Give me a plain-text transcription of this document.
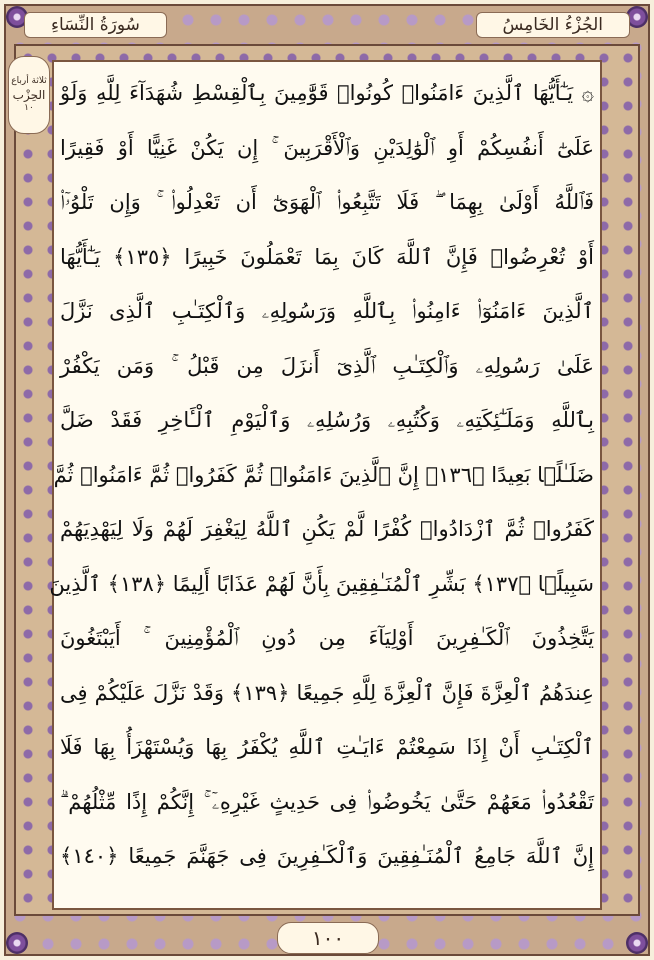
سُورَةُ النِّسَاءِ	الجُزْءُ الخَامِسُ
ثلاثة أرباع
الحِزْب
١٠
۞ يَـٰٓأَيُّهَا ٱلَّذِينَ ءَامَنُوا۟ كُونُوا۟ قَوَّٰمِينَ بِٱلْقِسْطِ شُهَدَآءَ لِلَّهِ وَلَوْ
عَلَىٰٓ أَنفُسِكُمْ أَوِ ٱلْوَٰلِدَيْنِ وَٱلْأَقْرَبِينَ ۚ إِن يَكُنْ غَنِيًّا أَوْ فَقِيرًا
فَٱللَّهُ أَوْلَىٰ بِهِمَا ۖ فَلَا تَتَّبِعُوا۟ ٱلْهَوَىٰٓ أَن تَعْدِلُوا۟ ۚ وَإِن تَلْوُۥٓا۟
أَوْ تُعْرِضُوا۟ فَإِنَّ ٱللَّهَ كَانَ بِمَا تَعْمَلُونَ خَبِيرًا ﴿١٣٥﴾ يَـٰٓأَيُّهَا
ٱلَّذِينَ ءَامَنُوٓا۟ ءَامِنُوا۟ بِٱللَّهِ وَرَسُولِهِۦ وَٱلْكِتَـٰبِ ٱلَّذِى نَزَّلَ
عَلَىٰ رَسُولِهِۦ وَٱلْكِتَـٰبِ ٱلَّذِىٓ أَنزَلَ مِن قَبْلُ ۚ وَمَن يَكْفُرْ
بِٱللَّهِ وَمَلَـٰٓئِكَتِهِۦ وَكُتُبِهِۦ وَرُسُلِهِۦ وَٱلْيَوْمِ ٱلْـَٔاخِرِ فَقَدْ ضَلَّ
ضَلَـٰلًۢا بَعِيدًا ﴿١٣٦﴾ إِنَّ ٱلَّذِينَ ءَامَنُوا۟ ثُمَّ كَفَرُوا۟ ثُمَّ ءَامَنُوا۟ ثُمَّ
كَفَرُوا۟ ثُمَّ ٱزْدَادُوا۟ كُفْرًا لَّمْ يَكُنِ ٱللَّهُ لِيَغْفِرَ لَهُمْ وَلَا لِيَهْدِيَهُمْ
سَبِيلًۢا ﴿١٣٧﴾ بَشِّرِ ٱلْمُنَـٰفِقِينَ بِأَنَّ لَهُمْ عَذَابًا أَلِيمًا ﴿١٣٨﴾ ٱلَّذِينَ
يَتَّخِذُونَ ٱلْكَـٰفِرِينَ أَوْلِيَآءَ مِن دُونِ ٱلْمُؤْمِنِينَ ۚ أَيَبْتَغُونَ
عِندَهُمُ ٱلْعِزَّةَ فَإِنَّ ٱلْعِزَّةَ لِلَّهِ جَمِيعًا ﴿١٣٩﴾ وَقَدْ نَزَّلَ عَلَيْكُمْ فِى
ٱلْكِتَـٰبِ أَنْ إِذَا سَمِعْتُمْ ءَايَـٰتِ ٱللَّهِ يُكْفَرُ بِهَا وَيُسْتَهْزَأُ بِهَا فَلَا
تَقْعُدُوا۟ مَعَهُمْ حَتَّىٰ يَخُوضُوا۟ فِى حَدِيثٍ غَيْرِهِۦٓ ۚ إِنَّكُمْ إِذًا مِّثْلُهُمْ ۗ
إِنَّ ٱللَّهَ جَامِعُ ٱلْمُنَـٰفِقِينَ وَٱلْكَـٰفِرِينَ فِى جَهَنَّمَ جَمِيعًا ﴿١٤٠﴾
١٠٠
